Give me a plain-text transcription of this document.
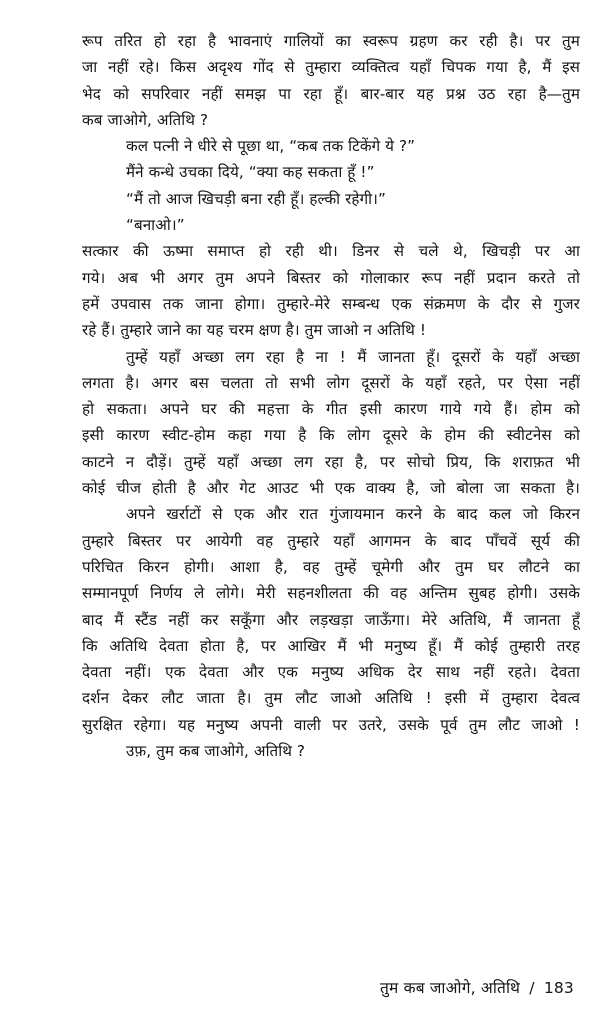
रूप तरित हो रहा है भावनाएं गालियों का स्वरूप ग्रहण कर रही है। पर तुम
जा नहीं रहे। किस अदृश्य गोंद से तुम्हारा व्यक्तित्व यहाँ चिपक गया है, मैं इस
भेद को सपरिवार नहीं समझ पा रहा हूँ। बार-बार यह प्रश्न उठ रहा है—तुम
कब जाओगे, अतिथि ?
कल पत्नी ने धीरे से पूछा था, “कब तक टिकेंगे ये ?”
मैंने कन्धे उचका दिये, “क्या कह सकता हूँ !”
“मैं तो आज खिचड़ी बना रही हूँ। हल्की रहेगी।”
“बनाओ।”
सत्कार की ऊष्मा समाप्त हो रही थी। डिनर से चले थे, खिचड़ी पर आ
गये। अब भी अगर तुम अपने बिस्तर को गोलाकार रूप नहीं प्रदान करते तो
हमें उपवास तक जाना होगा। तुम्हारे-मेरे सम्बन्ध एक संक्रमण के दौर से गुजर
रहे हैं। तुम्हारे जाने का यह चरम क्षण है। तुम जाओ न अतिथि !
तुम्हें यहाँ अच्छा लग रहा है ना ! मैं जानता हूँ। दूसरों के यहाँ अच्छा
लगता है। अगर बस चलता तो सभी लोग दूसरों के यहाँ रहते, पर ऐसा नहीं
हो सकता। अपने घर की महत्ता के गीत इसी कारण गाये गये हैं। होम को
इसी कारण स्वीट-होम कहा गया है कि लोग दूसरे के होम की स्वीटनेस को
काटने न दौड़ें। तुम्हें यहाँ अच्छा लग रहा है, पर सोचो प्रिय, कि शराफ़त भी
कोई चीज होती है और गेट आउट भी एक वाक्य है, जो बोला जा सकता है।
अपने खर्राटों से एक और रात गुंजायमान करने के बाद कल जो किरन
तुम्हारे बिस्तर पर आयेगी वह तुम्हारे यहाँ आगमन के बाद पाँचवें सूर्य की
परिचित किरन होगी। आशा है, वह तुम्हें चूमेगी और तुम घर लौटने का
सम्मानपूर्ण निर्णय ले लोगे। मेरी सहनशीलता की वह अन्तिम सुबह होगी। उसके
बाद मैं स्टैंड नहीं कर सकूँगा और लड़खड़ा जाऊँगा। मेरे अतिथि, मैं जानता हूँ
कि अतिथि देवता होता है, पर आखिर मैं भी मनुष्य हूँ। मैं कोई तुम्हारी तरह
देवता नहीं। एक देवता और एक मनुष्य अधिक देर साथ नहीं रहते। देवता
दर्शन देकर लौट जाता है। तुम लौट जाओ अतिथि ! इसी में तुम्हारा देवत्व
सुरक्षित रहेगा। यह मनुष्य अपनी वाली पर उतरे, उसके पूर्व तुम लौट जाओ !
उफ़, तुम कब जाओगे, अतिथि ?
तुम कब जाओगे, अतिथि / 183
